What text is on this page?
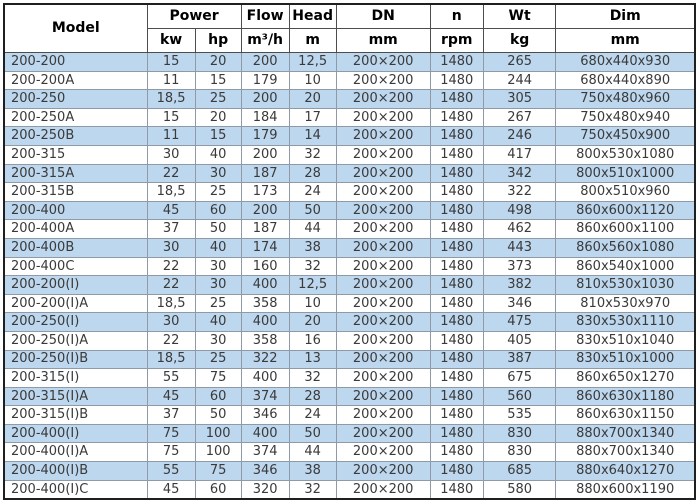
Model	Power		Flow	Head	DN	n	Wt	Dim
	kw	hp	m³/h	m	mm	rpm	kg	mm
200-200	15	20	200	12,5	200×200	1480	265	680x440x930
200-200A	11	15	179	10	200×200	1480	244	680x440x890
200-250	18,5	25	200	20	200×200	1480	305	750x480x960
200-250A	15	20	184	17	200×200	1480	267	750x480x940
200-250B	11	15	179	14	200×200	1480	246	750x450x900
200-315	30	40	200	32	200×200	1480	417	800x530x1080
200-315A	22	30	187	28	200×200	1480	342	800x510x1000
200-315B	18,5	25	173	24	200×200	1480	322	800x510x960
200-400	45	60	200	50	200×200	1480	498	860x600x1120
200-400A	37	50	187	44	200×200	1480	462	860x600x1100
200-400B	30	40	174	38	200×200	1480	443	860x560x1080
200-400C	22	30	160	32	200×200	1480	373	860x540x1000
200-200(I)	22	30	400	12,5	200×200	1480	382	810x530x1030
200-200(I)A	18,5	25	358	10	200×200	1480	346	810x530x970
200-250(I)	30	40	400	20	200×200	1480	475	830x530x1110
200-250(I)A	22	30	358	16	200×200	1480	405	830x510x1040
200-250(I)B	18,5	25	322	13	200×200	1480	387	830x510x1000
200-315(I)	55	75	400	32	200×200	1480	675	860x650x1270
200-315(I)A	45	60	374	28	200×200	1480	560	860x630x1180
200-315(I)B	37	50	346	24	200×200	1480	535	860x630x1150
200-400(I)	75	100	400	50	200×200	1480	830	880x700x1340
200-400(I)A	75	100	374	44	200×200	1480	830	880x700x1340
200-400(I)B	55	75	346	38	200×200	1480	685	880x640x1270
200-400(I)C	45	60	320	32	200×200	1480	580	880x600x1190
